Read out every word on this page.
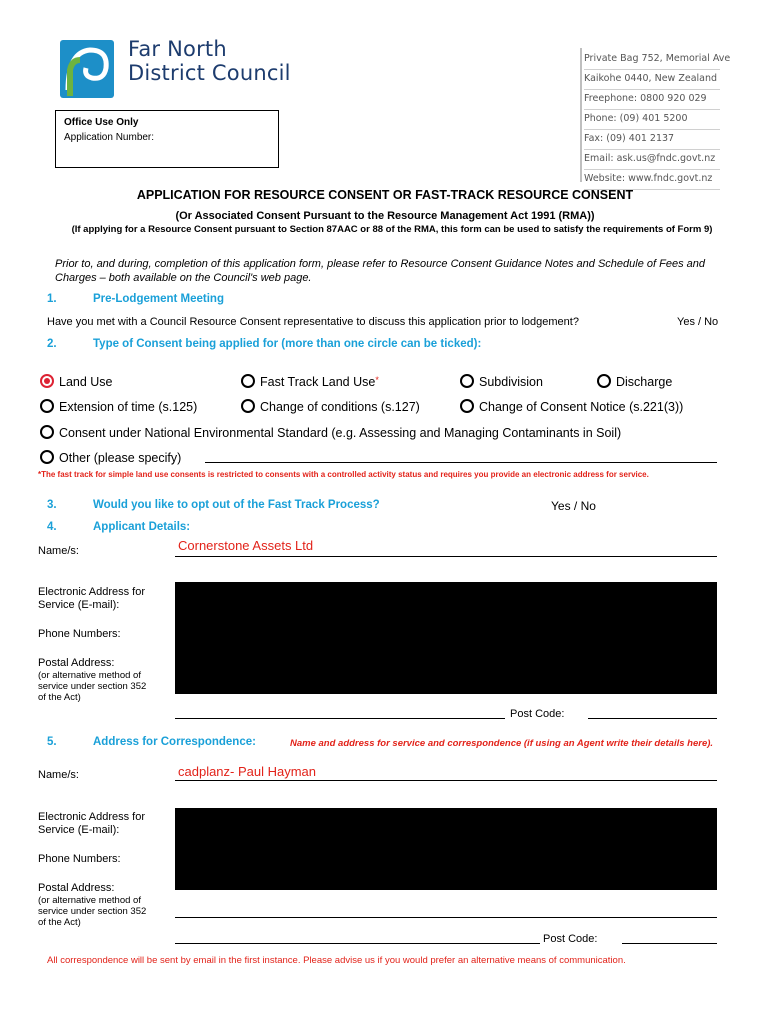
Far North
District Council
Private Bag 752, Memorial Ave
Kaikohe 0440, New Zealand
Freephone: 0800 920 029
Phone: (09) 401 5200
Fax: (09) 401 2137
Email: ask.us@fndc.govt.nz
Website: www.fndc.govt.nz
Office Use Only
Application Number:
APPLICATION FOR RESOURCE CONSENT OR FAST-TRACK RESOURCE CONSENT
(Or Associated Consent Pursuant to the Resource Management Act 1991 (RMA))
(If applying for a Resource Consent pursuant to Section 87AAC or 88 of the RMA, this form can be used to satisfy the requirements of Form 9)
Prior to, and during, completion of this application form, please refer to Resource Consent Guidance Notes and Schedule of Fees and Charges – both available on the Council's web page.
1.	Pre-Lodgement Meeting
Have you met with a Council Resource Consent representative to discuss this application prior to lodgement?	Yes / No
2.	Type of Consent being applied for (more than one circle can be ticked):
Land Use	Fast Track Land Use*	Subdivision	Discharge
Extension of time (s.125)	Change of conditions (s.127)	Change of Consent Notice (s.221(3))
Consent under National Environmental Standard (e.g. Assessing and Managing Contaminants in Soil)
Other (please specify)
*The fast track for simple land use consents is restricted to consents with a controlled activity status and requires you provide an electronic address for service.
3.	Would you like to opt out of the Fast Track Process?	Yes / No
4.	Applicant Details:
Name/s:	Cornerstone Assets Ltd
Electronic Address for Service (E-mail):
Phone Numbers:
Postal Address:
(or alternative method of service under section 352 of the Act)
Post Code:
5.	Address for Correspondence:	Name and address for service and correspondence (if using an Agent write their details here).
Name/s:	cadplanz- Paul Hayman
Electronic Address for Service (E-mail):
Phone Numbers:
Postal Address:
(or alternative method of service under section 352 of the Act)
Post Code:
All correspondence will be sent by email in the first instance. Please advise us if you would prefer an alternative means of communication.
